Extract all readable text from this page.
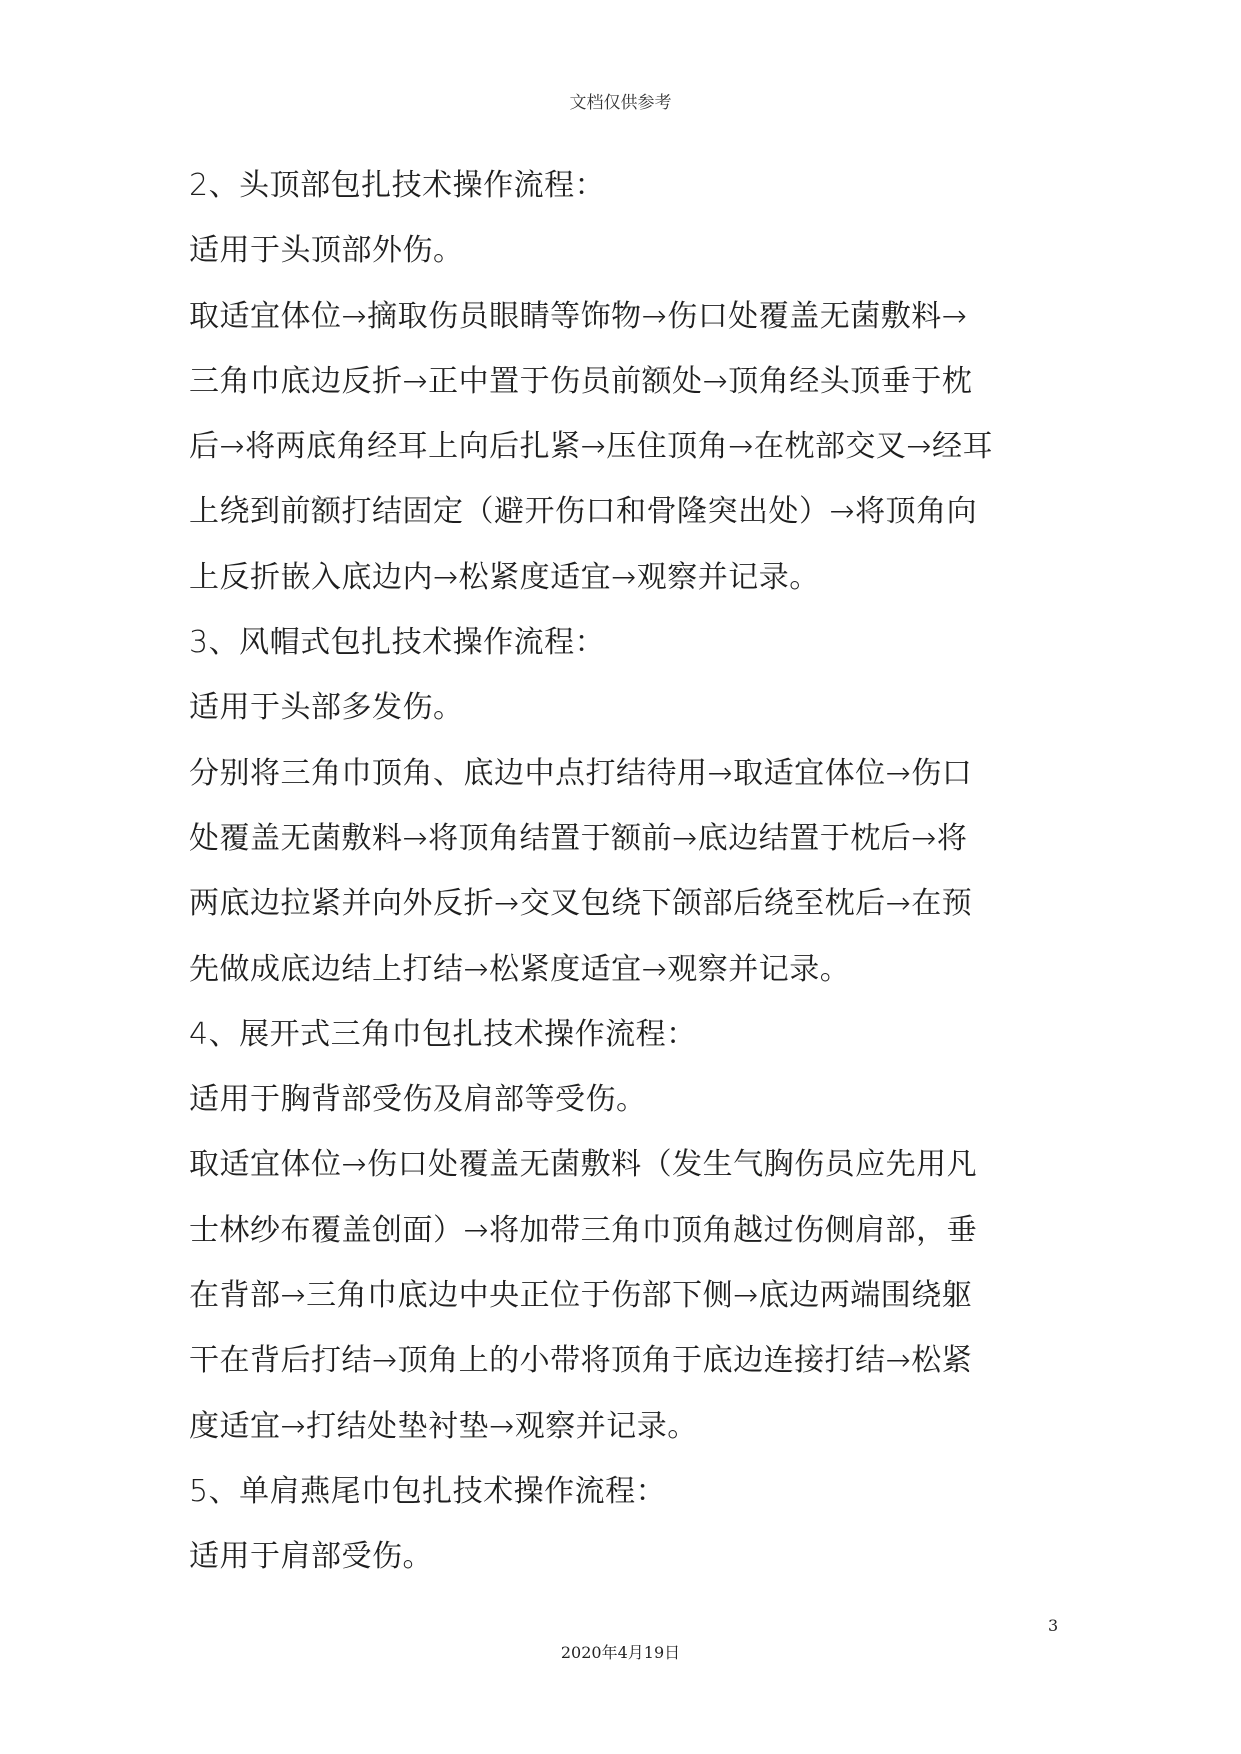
文档仅供参考

2、头顶部包扎技术操作流程：

适用于头顶部外伤。

取适宜体位→摘取伤员眼睛等饰物→伤口处覆盖无菌敷料→

三角巾底边反折→正中置于伤员前额处→顶角经头顶垂于枕

后→将两底角经耳上向后扎紧→压住顶角→在枕部交叉→经耳

上绕到前额打结固定（避开伤口和骨隆突出处）→将顶角向

上反折嵌入底边内→松紧度适宜→观察并记录。

3、风帽式包扎技术操作流程：

适用于头部多发伤。

分别将三角巾顶角、底边中点打结待用→取适宜体位→伤口

处覆盖无菌敷料→将顶角结置于额前→底边结置于枕后→将

两底边拉紧并向外反折→交叉包绕下颌部后绕至枕后→在预

先做成底边结上打结→松紧度适宜→观察并记录。

4、展开式三角巾包扎技术操作流程：

适用于胸背部受伤及肩部等受伤。

取适宜体位→伤口处覆盖无菌敷料（发生气胸伤员应先用凡

士林纱布覆盖创面）→将加带三角巾顶角越过伤侧肩部，垂

在背部→三角巾底边中央正位于伤部下侧→底边两端围绕躯

干在背后打结→顶角上的小带将顶角于底边连接打结→松紧

度适宜→打结处垫衬垫→观察并记录。

5、单肩燕尾巾包扎技术操作流程：

适用于肩部受伤。

3
2020年4月19日
